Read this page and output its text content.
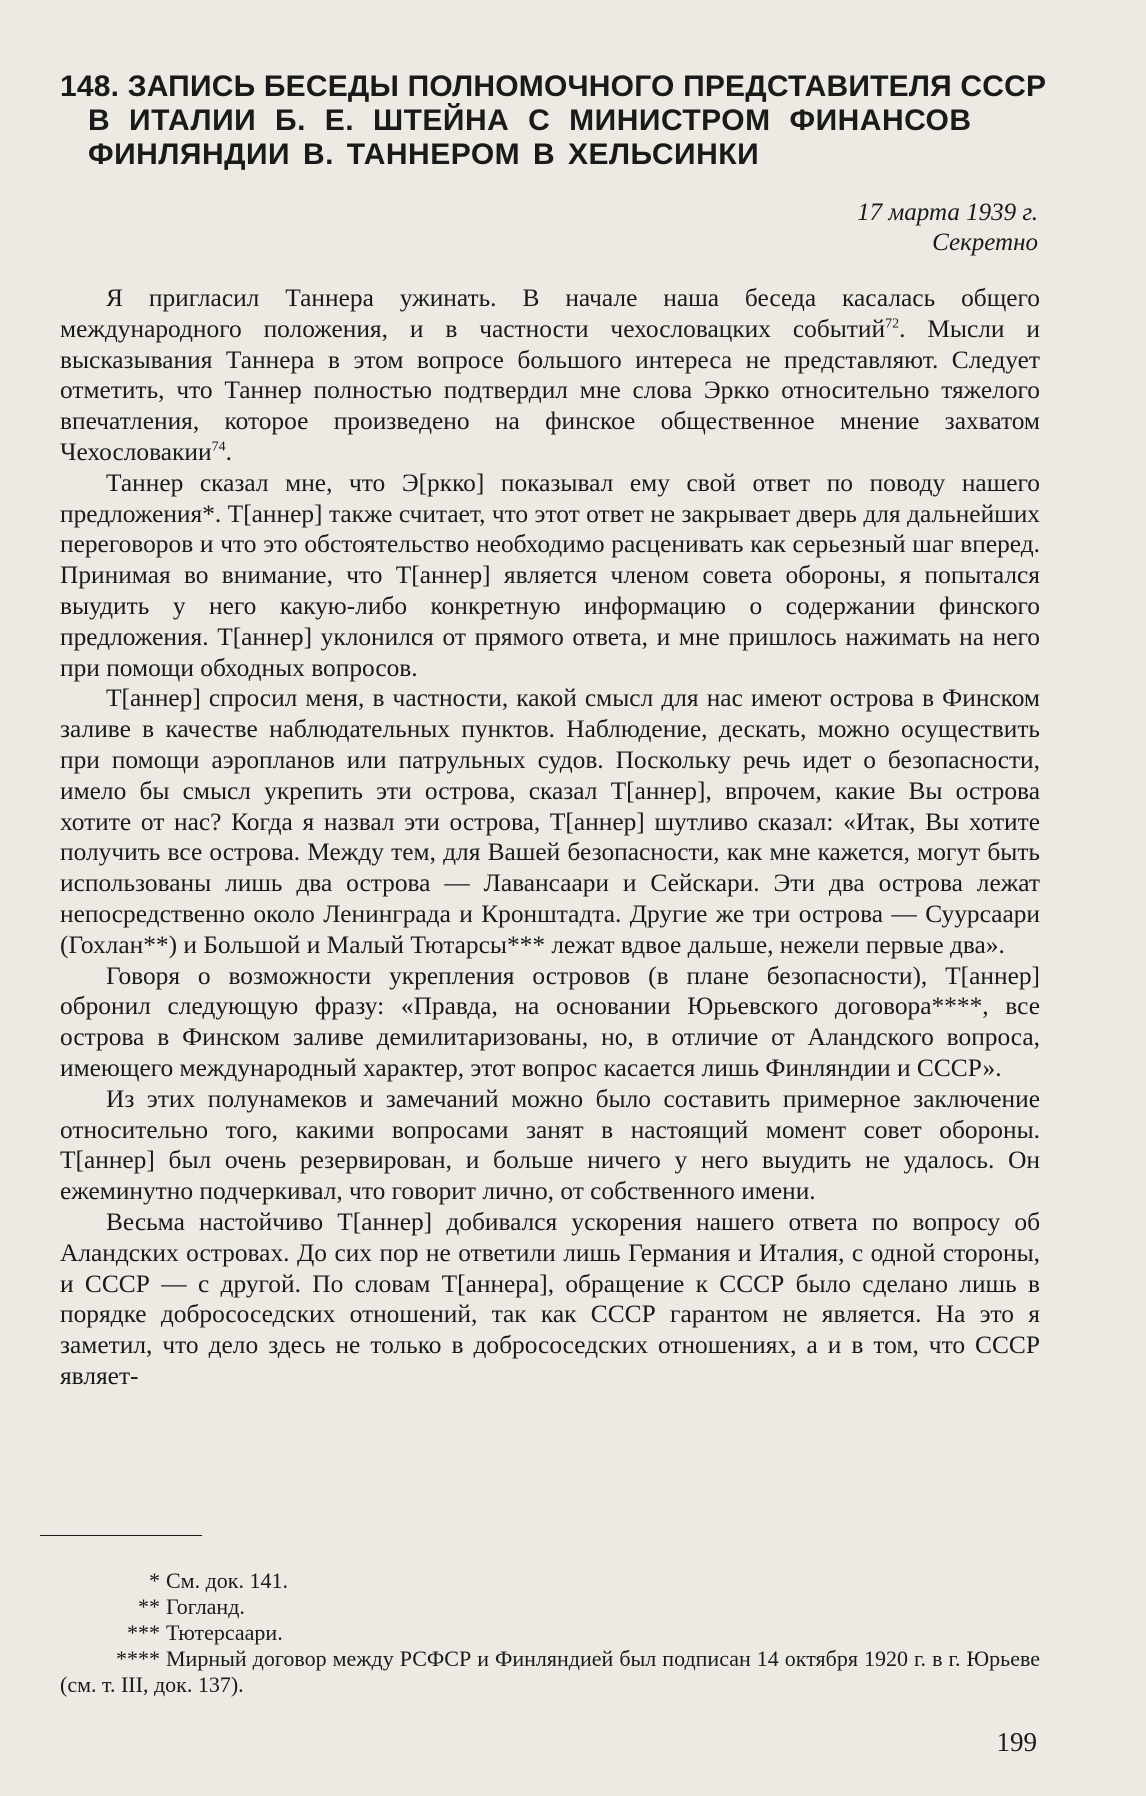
148. ЗАПИСЬ БЕСЕДЫ ПОЛНОМОЧНОГО ПРЕДСТАВИТЕЛЯ СССР
В ИТАЛИИ Б. Е. ШТЕЙНА С МИНИСТРОМ ФИНАНСОВ
ФИНЛЯНДИИ В. ТАННЕРОМ В ХЕЛЬСИНКИ
17 марта 1939 г.
Секретно

Я пригласил Таннера ужинать. В начале наша беседа касалась общего международного положения, и в частности чехословацких событий$^{72}$. Мысли и высказывания Таннера в этом вопросе большого интереса не представляют. Следует отметить, что Таннер полностью подтвердил мне слова Эркко относительно тяжелого впечатления, которое произведено на финское общественное мнение захватом Чехословакии$^{74}$.

Таннер сказал мне, что Э[ркко] показывал ему свой ответ по поводу нашего предложения*. Т[аннер] также считает, что этот ответ не закрывает дверь для дальнейших переговоров и что это обстоятельство необходимо расценивать как серьезный шаг вперед. Принимая во внимание, что Т[аннер] является членом совета обороны, я попытался выудить у него какую-либо конкретную информацию о содержании финского предложения. Т[аннер] уклонился от прямого ответа, и мне пришлось нажимать на него при помощи обходных вопросов.

Т[аннер] спросил меня, в частности, какой смысл для нас имеют острова в Финском заливе в качестве наблюдательных пунктов. Наблюдение, дескать, можно осуществить при помощи аэропланов или патрульных судов. Поскольку речь идет о безопасности, имело бы смысл укрепить эти острова, сказал Т[аннер], впрочем, какие Вы острова хотите от нас? Когда я назвал эти острова, Т[аннер] шутливо сказал: «Итак, Вы хотите получить все острова. Между тем, для Вашей безопасности, как мне кажется, могут быть использованы лишь два острова — Лавансаари и Сейскари. Эти два острова лежат непосредственно около Ленинграда и Кронштадта. Другие же три острова — Суурсаари (Гохлан**) и Большой и Малый Тютарсы*** лежат вдвое дальше, нежели первые два».

Говоря о возможности укрепления островов (в плане безопасности), Т[аннер] обронил следующую фразу: «Правда, на основании Юрьевского договора****, все острова в Финском заливе демилитаризованы, но, в отличие от Аландского вопроса, имеющего международный характер, этот вопрос касается лишь Финляндии и СССР».

Из этих полунамеков и замечаний можно было составить примерное заключение относительно того, какими вопросами занят в настоящий момент совет обороны. Т[аннер] был очень резервирован, и больше ничего у него выудить не удалось. Он ежеминутно подчеркивал, что говорит лично, от собственного имени.

Весьма настойчиво Т[аннер] добивался ускорения нашего ответа по вопросу об Аландских островах. До сих пор не ответили лишь Германия и Италия, с одной стороны, и СССР — с другой. По словам Т[аннера], обращение к СССР было сделано лишь в порядке добрососедских отношений, так как СССР гарантом не является. На это я заметил, что дело здесь не только в добрососедских отношениях, а и в том, что СССР являет-

* См. док. 141.
** Гогланд.
*** Тютерсаари.
**** Мирный договор между РСФСР и Финляндией был подписан 14 октября 1920 г. в г. Юрьеве (см. т. III, док. 137).
199
